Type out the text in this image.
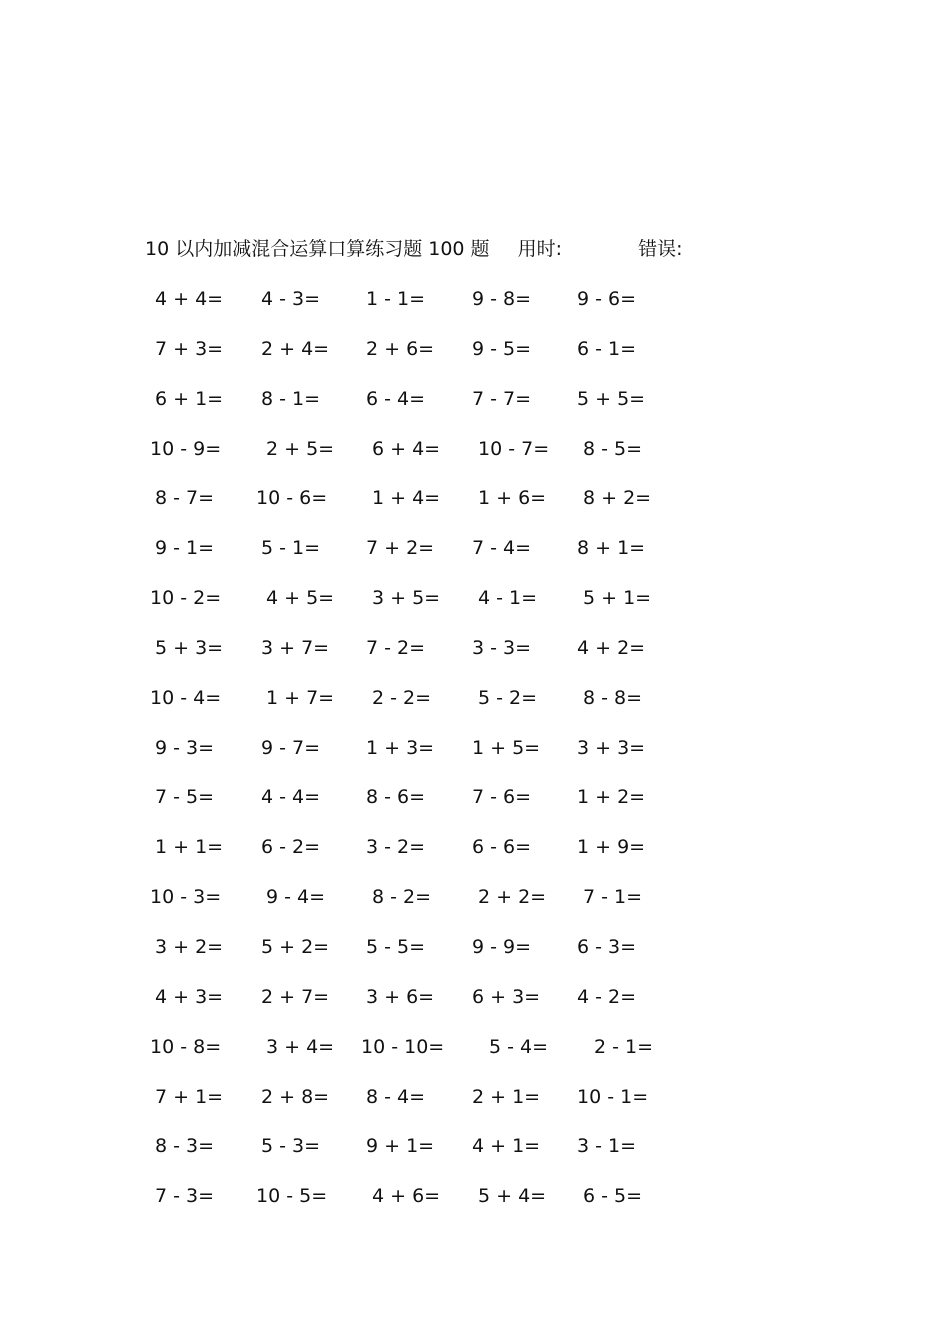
10 以内加减混合运算口算练习题 100 题 用时:	错误:
4 + 4= 4 - 3= 1 - 1= 9 - 8= 9 - 6=
7 + 3= 2 + 4= 2 + 6= 9 - 5= 6 - 1=
6 + 1= 8 - 1= 6 - 4= 7 - 7= 5 + 5=
10 - 9= 2 + 5= 6 + 4= 10 - 7= 8 - 5=
8 - 7= 10 - 6= 1 + 4= 1 + 6= 8 + 2=
9 - 1= 5 - 1= 7 + 2= 7 - 4= 8 + 1=
10 - 2= 4 + 5= 3 + 5= 4 - 1= 5 + 1=
5 + 3= 3 + 7= 7 - 2= 3 - 3= 4 + 2=
10 - 4= 1 + 7= 2 - 2= 5 - 2= 8 - 8=
9 - 3= 9 - 7= 1 + 3= 1 + 5= 3 + 3=
7 - 5= 4 - 4= 8 - 6= 7 - 6= 1 + 2=
1 + 1= 6 - 2= 3 - 2= 6 - 6= 1 + 9=
10 - 3= 9 - 4= 8 - 2= 2 + 2= 7 - 1=
3 + 2= 5 + 2= 5 - 5= 9 - 9= 6 - 3=
4 + 3= 2 + 7= 3 + 6= 6 + 3= 4 - 2=
10 - 8= 3 + 4= 10 - 10= 5 - 4= 2 - 1=
7 + 1= 2 + 8= 8 - 4= 2 + 1= 10 - 1=
8 - 3= 5 - 3= 9 + 1= 4 + 1= 3 - 1=
7 - 3= 10 - 5= 4 + 6= 5 + 4= 6 - 5=
